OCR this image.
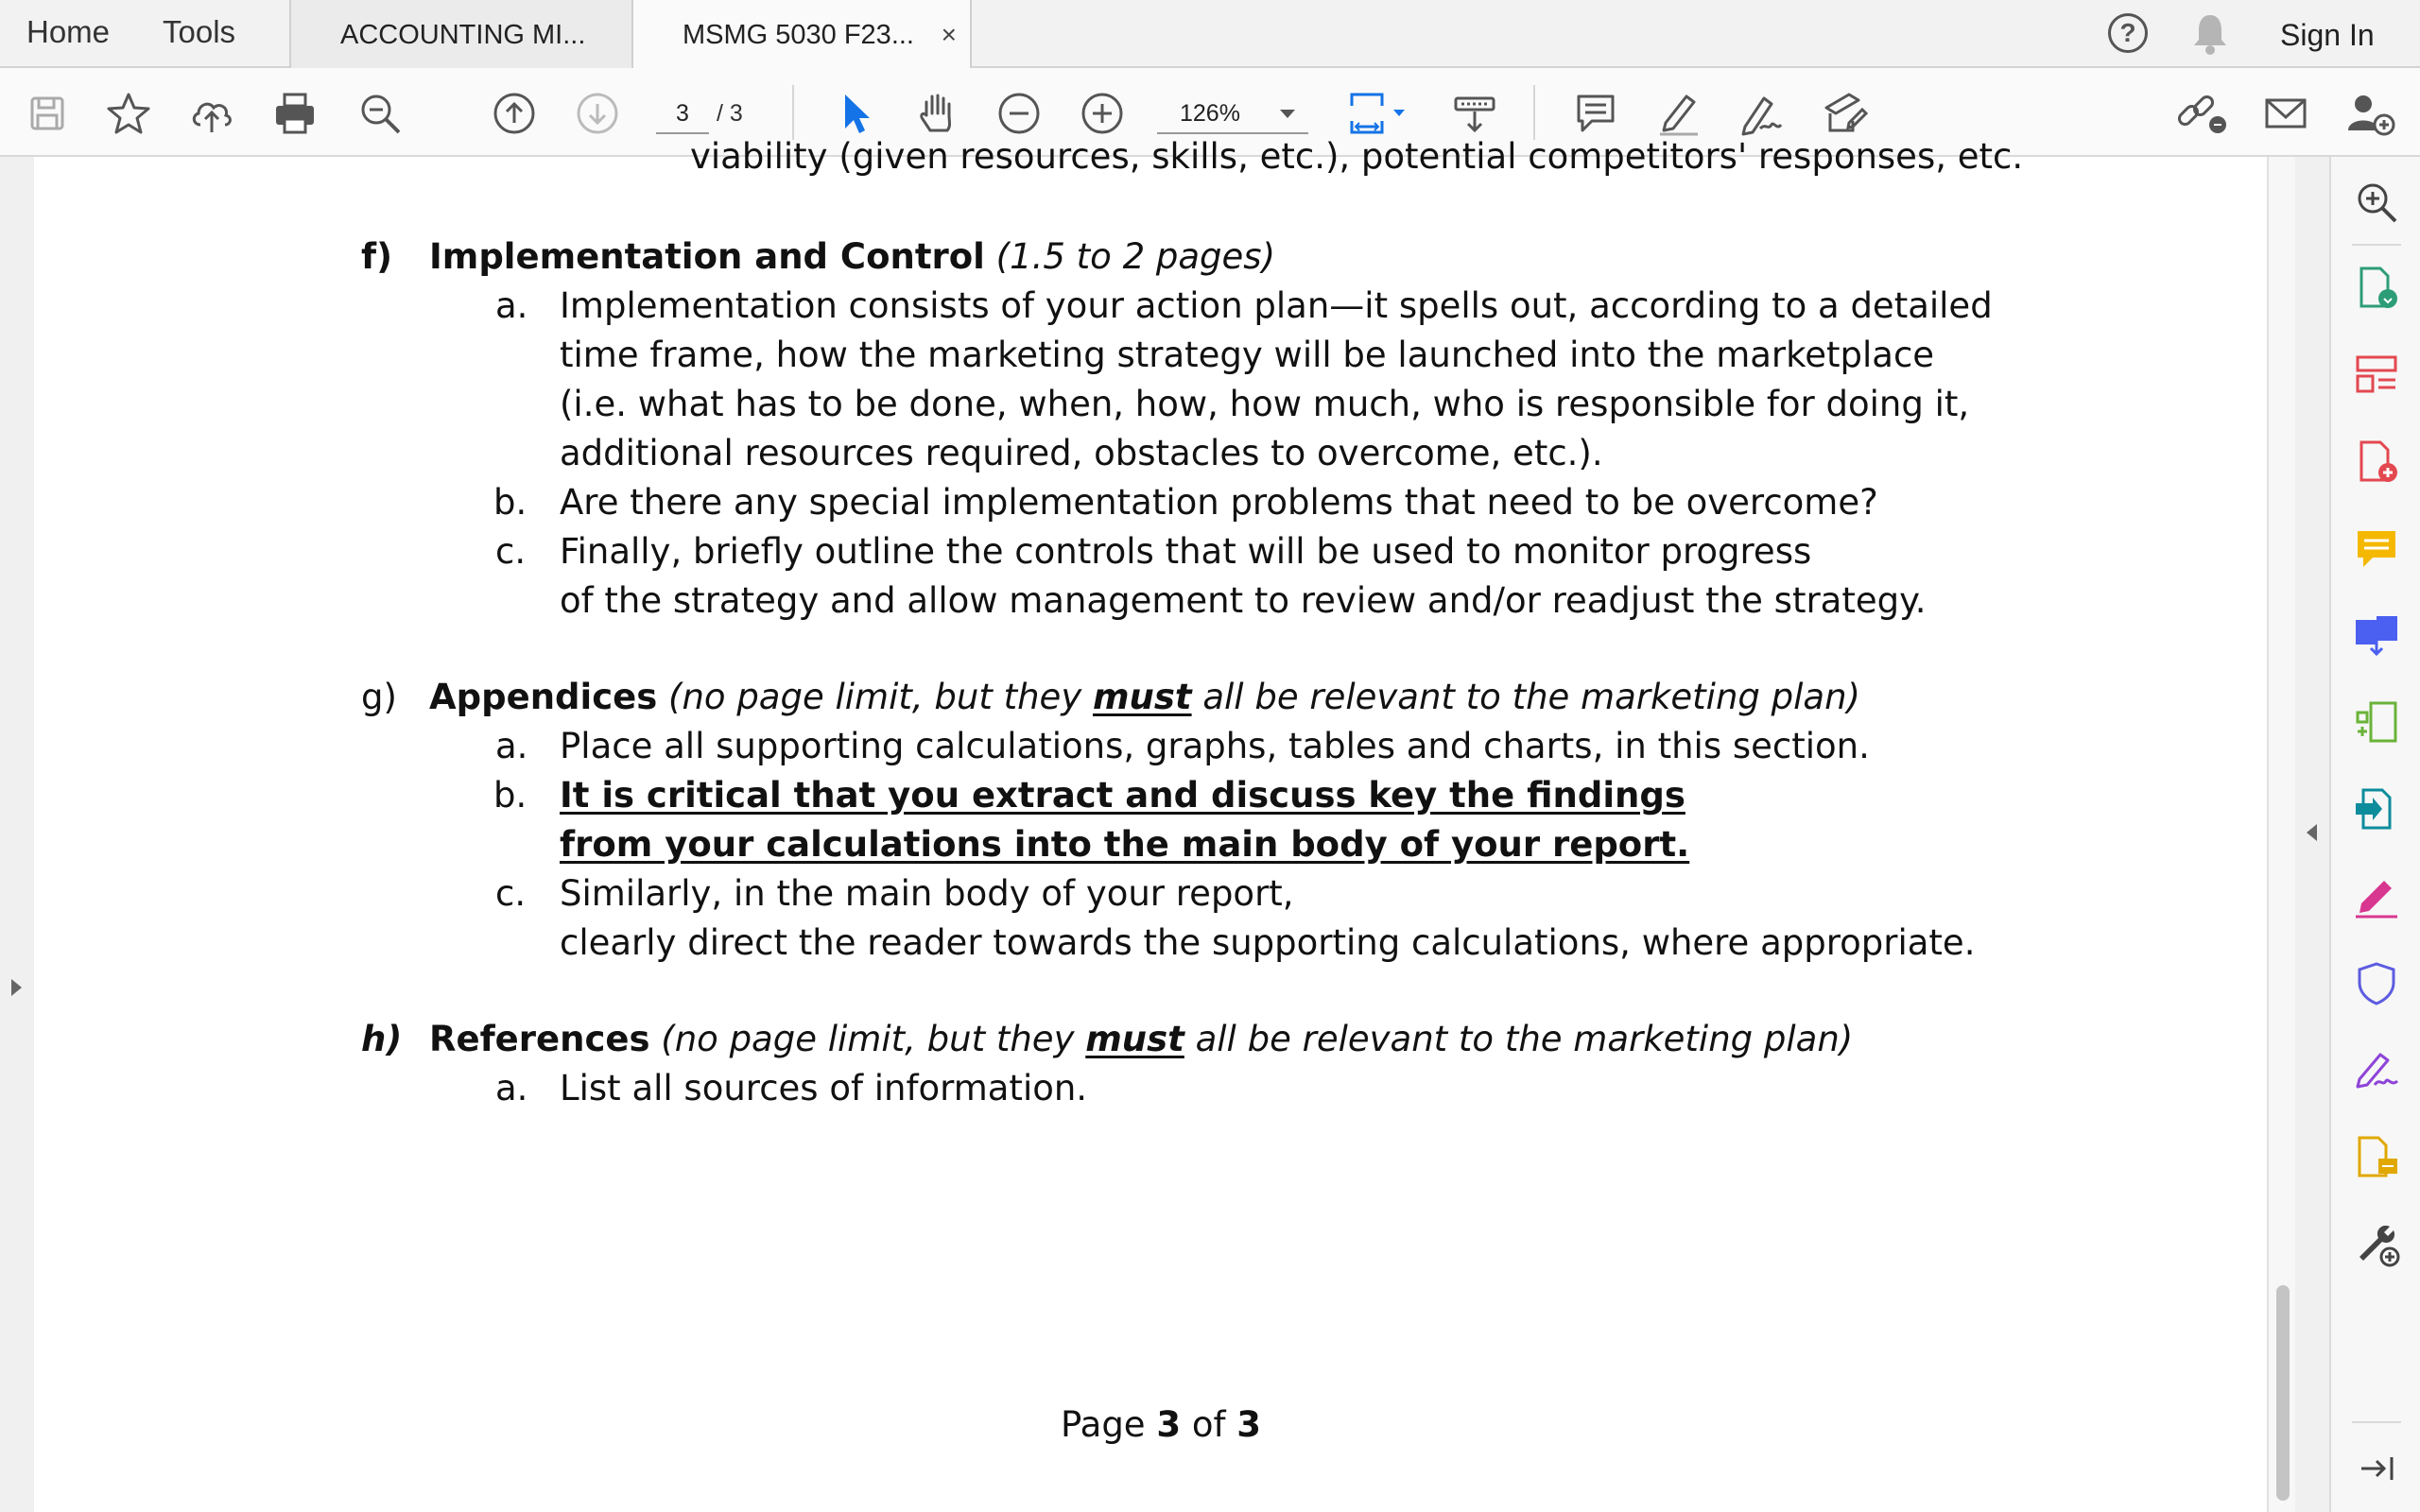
Home Tools	ACCOUNTING MI...	MSMG 5030 F23... ×	?	Sign In
3	/ 3	126%
viability (given resources, skills, etc.), potential competitors' responses, etc.
f) Implementation and Control (1.5 to 2 pages)
a. Implementation consists of your action plan—it spells out, according to a detailed
time frame, how the marketing strategy will be launched into the marketplace
(i.e. what has to be done, when, how, how much, who is responsible for doing it,
additional resources required, obstacles to overcome, etc.).
b. Are there any special implementation problems that need to be overcome?
c. Finally, briefly outline the controls that will be used to monitor progress
of the strategy and allow management to review and/or readjust the strategy.
g) Appendices (no page limit, but they must all be relevant to the marketing plan)
a. Place all supporting calculations, graphs, tables and charts, in this section.
b. It is critical that you extract and discuss key the findings
from your calculations into the main body of your report.
c. Similarly, in the main body of your report,
clearly direct the reader towards the supporting calculations, where appropriate.
h) References (no page limit, but they must all be relevant to the marketing plan)
a. List all sources of information.
Page 3 of 3
